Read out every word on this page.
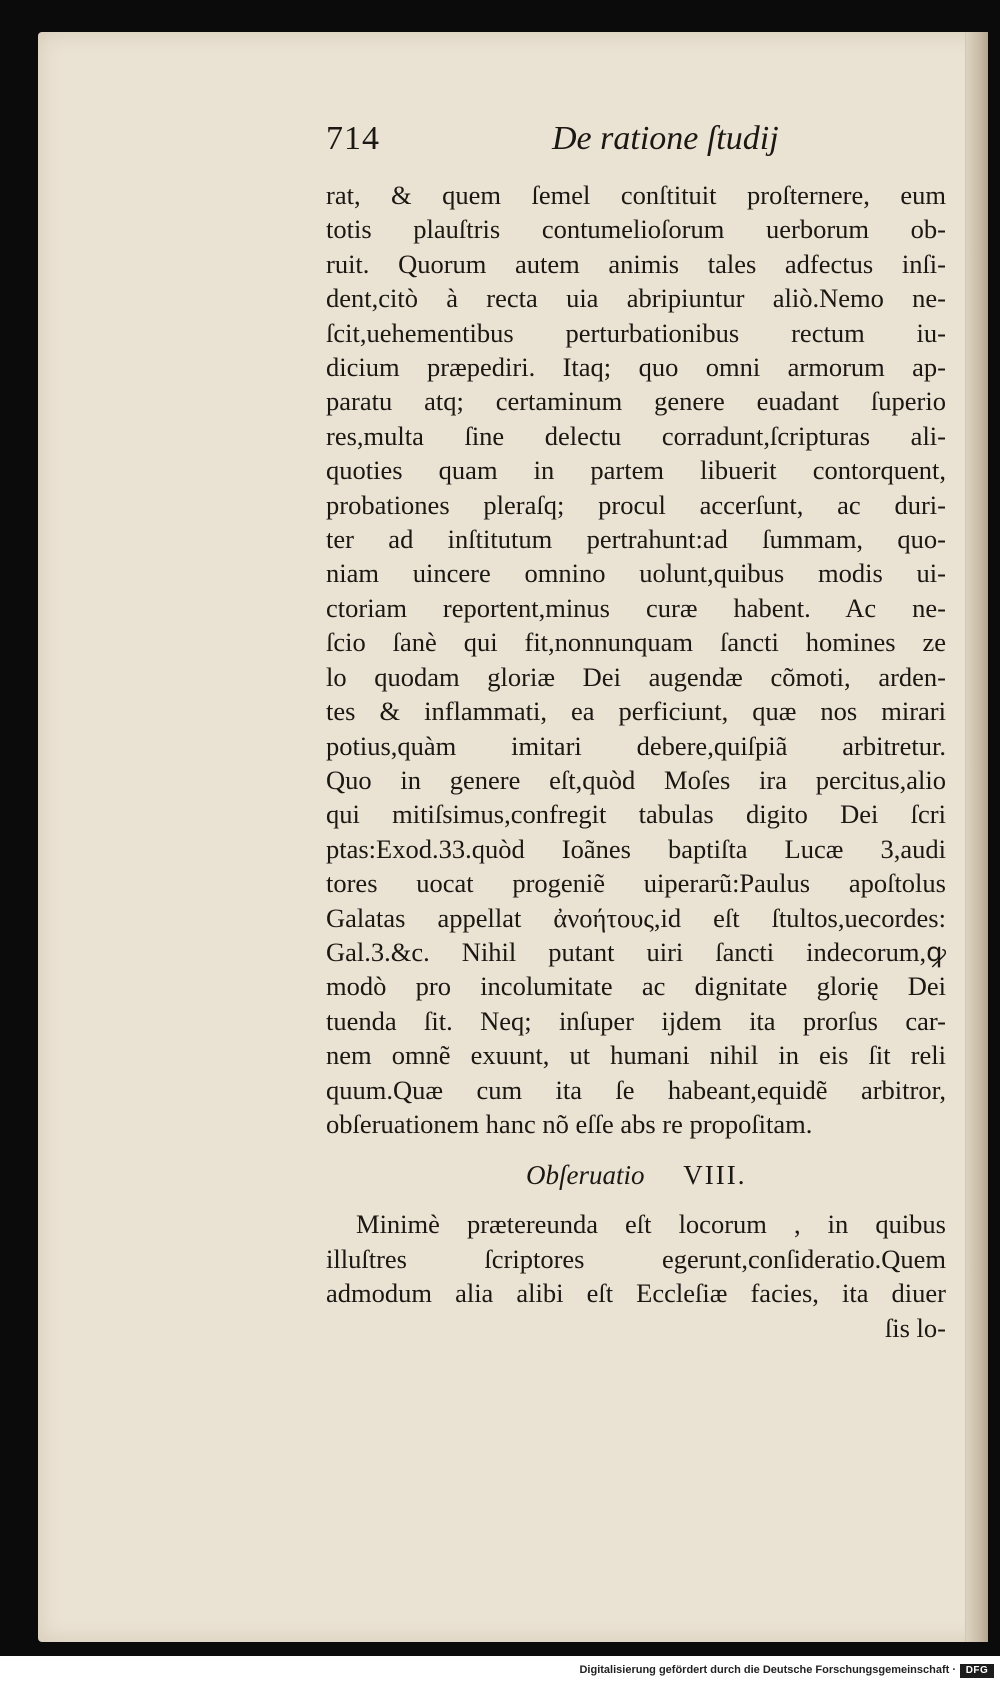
714	De ratione ſtudij
rat, & quem ſemel conſtituit proſternere, eum
totis plauſtris contumelioſorum uerborum ob-
ruit. Quorum autem animis tales adfectus inſi-
dent,citò à recta uia abripiuntur aliò.Nemo ne-
ſcit,uehementibus perturbationibus rectum iu-
dicium præpediri. Itaq; quo omni armorum ap-
paratu atq; certaminum genere euadant ſuperio
res,multa ſine delectu corradunt,ſcripturas ali-
quoties quam in partem libuerit contorquent,
probationes pleraſq; procul accerſunt, ac duri-
ter ad inſtitutum pertrahunt:ad ſummam, quo-
niam uincere omnino uolunt,quibus modis ui-
ctoriam reportent,minus curæ habent. Ac ne-
ſcio ſanè qui fit,nonnunquam ſancti homines ze
lo quodam gloriæ Dei augendæ cõmoti, arden-
tes & inflammati, ea perficiunt, quæ nos mirari
potius,quàm imitari debere,quiſpiã arbitretur.
Quo in genere eſt,quòd Moſes ira percitus,alio
qui mitiſsimus,confregit tabulas digito Dei ſcri
ptas:Exod.33.quòd Ioãnes baptiſta Lucæ 3,audi
tores uocat progeniẽ uiperarũ:Paulus apoſtolus
Galatas appellat ἀνοήτους,id eſt ſtultos,uecordes:
Gal.3.&c. Nihil putant uiri ſancti indecorum,ꝙ
modò pro incolumitate ac dignitate glorię Dei
tuenda ſit. Neq; inſuper ijdem ita prorſus car-
nem omnẽ exuunt, ut humani nihil in eis ſit reli
quum.Quæ cum ita ſe habeant,equidẽ arbitror,
obſeruationem hanc nõ eſſe abs re propoſitam.
Obſeruatio VIII.
Minimè prætereunda eſt locorum , in quibus
illuſtres ſcriptores egerunt,conſideratio.Quem
admodum alia alibi eſt Eccleſiæ facies, ita diuer
ſis lo-
Digitalisierung gefördert durch die Deutsche Forschungsgemeinschaft · DFG
